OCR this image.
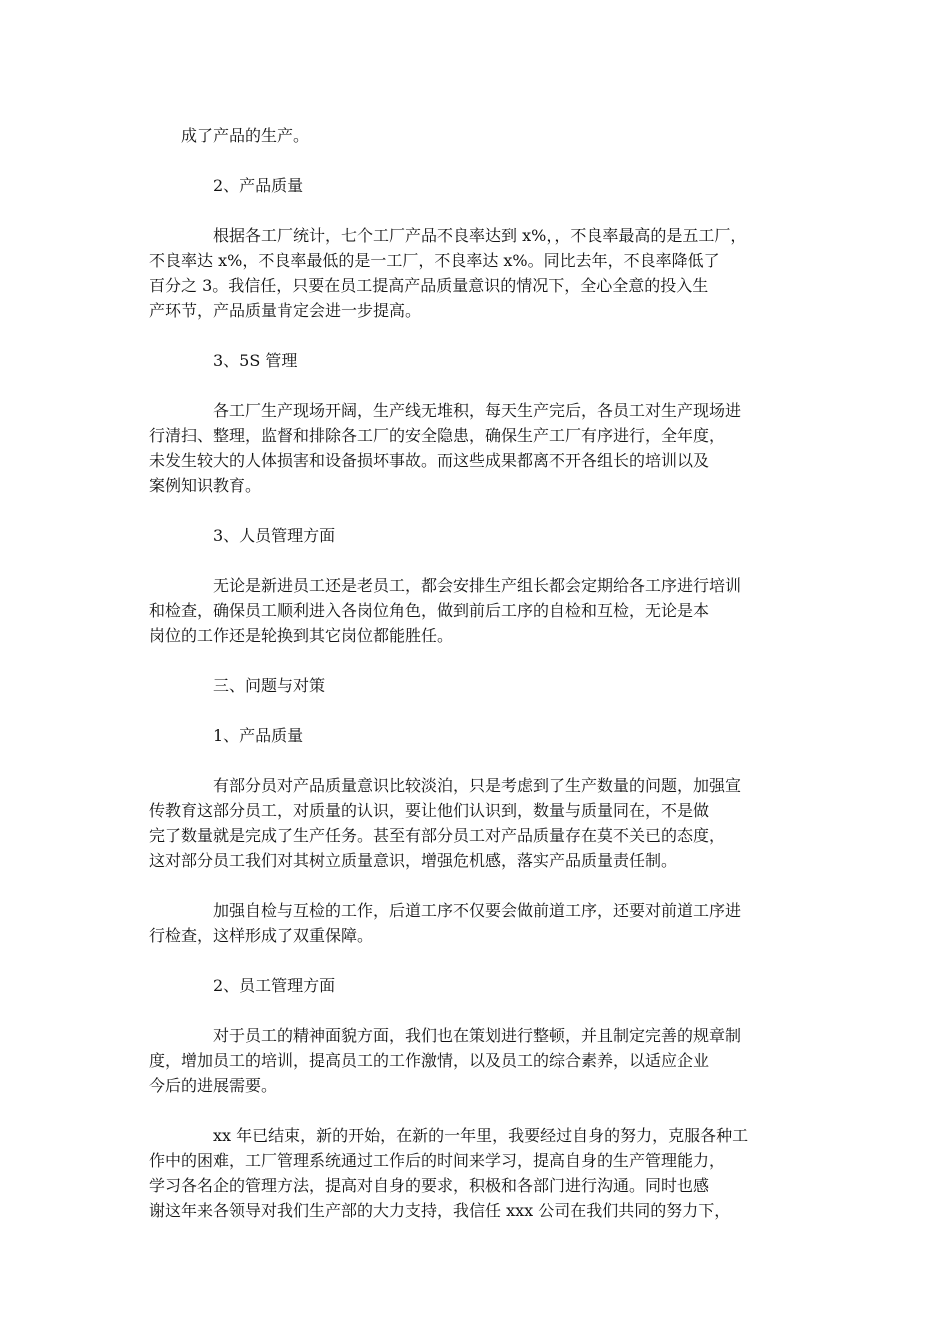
成了产品的生产。
2、产品质量
根据各工厂统计，七个工厂产品不良率达到 x%，，不良率最高的是五工厂，
不良率达 x%，不良率最低的是一工厂，不良率达 x%。同比去年，不良率降低了
百分之 3。我信任，只要在员工提高产品质量意识的情况下，全心全意的投入生
产环节，产品质量肯定会进一步提高。
3、5S 管理
各工厂生产现场开阔，生产线无堆积，每天生产完后，各员工对生产现场进
行清扫、整理，监督和排除各工厂的安全隐患，确保生产工厂有序进行，全年度，
未发生较大的人体损害和设备损坏事故。而这些成果都离不开各组长的培训以及
案例知识教育。
3、人员管理方面
无论是新进员工还是老员工，都会安排生产组长都会定期给各工序进行培训
和检查，确保员工顺利进入各岗位角色，做到前后工序的自检和互检，无论是本
岗位的工作还是轮换到其它岗位都能胜任。
三、问题与对策
1、产品质量
有部分员对产品质量意识比较淡泊，只是考虑到了生产数量的问题，加强宣
传教育这部分员工，对质量的认识，要让他们认识到，数量与质量同在，不是做
完了数量就是完成了生产任务。甚至有部分员工对产品质量存在莫不关已的态度，
这对部分员工我们对其树立质量意识，增强危机感，落实产品质量责任制。
加强自检与互检的工作，后道工序不仅要会做前道工序，还要对前道工序进
行检查，这样形成了双重保障。
2、员工管理方面
对于员工的精神面貌方面，我们也在策划进行整顿，并且制定完善的规章制
度，增加员工的培训，提高员工的工作激情，以及员工的综合素养，以适应企业
今后的进展需要。
xx 年已结束，新的开始，在新的一年里，我要经过自身的努力，克服各种工
作中的困难，工厂管理系统通过工作后的时间来学习，提高自身的生产管理能力，
学习各名企的管理方法，提高对自身的要求，积极和各部门进行沟通。同时也感
谢这年来各领导对我们生产部的大力支持，我信任 xxx 公司在我们共同的努力下，
